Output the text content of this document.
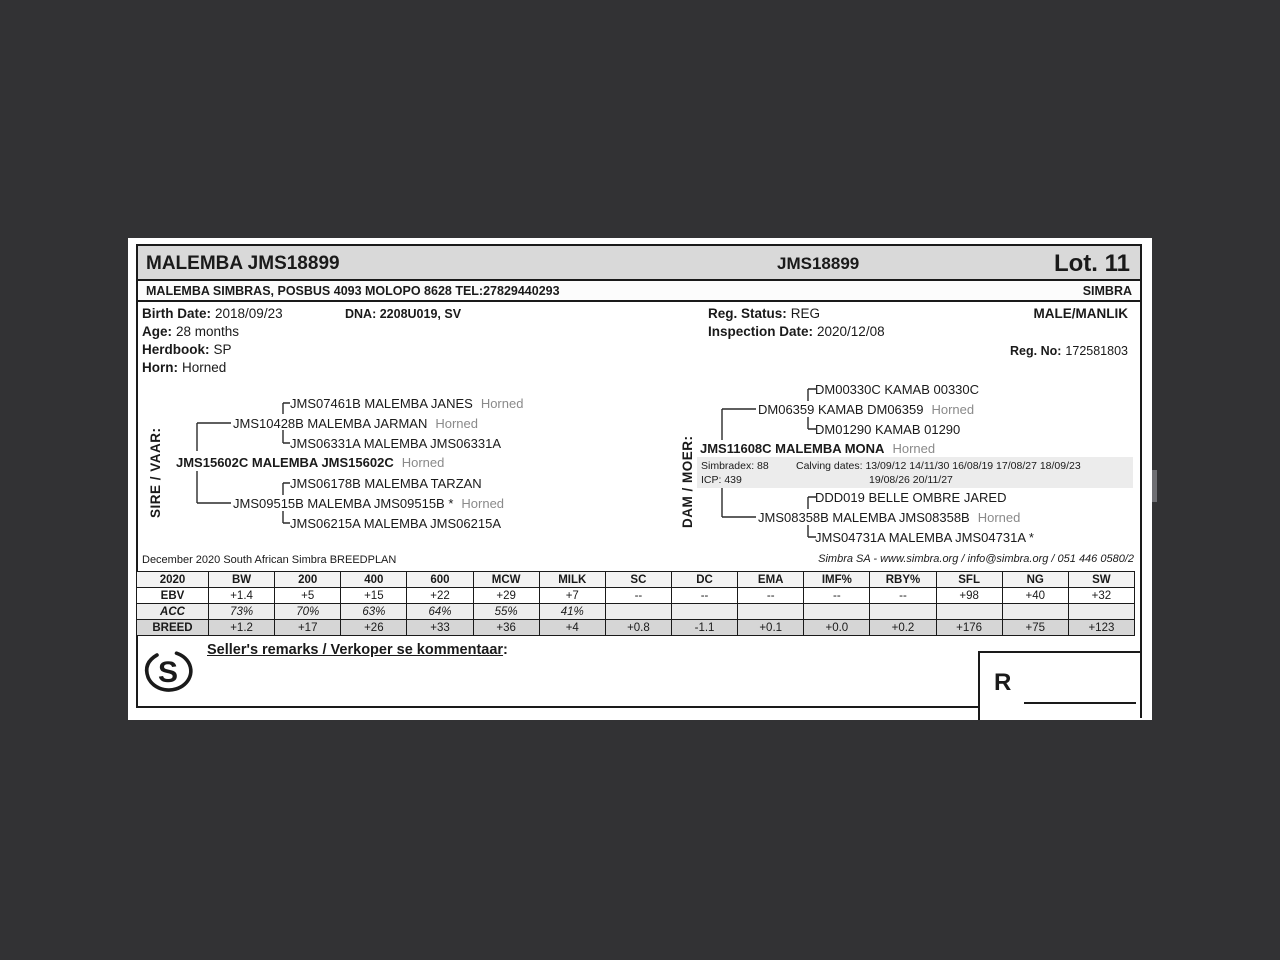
MALEMBA JMS18899	JMS18899	Lot. 11
MALEMBA SIMBRAS, POSBUS 4093 MOLOPO 8628 TEL:27829440293	SIMBRA
Birth Date: 2018/09/23	DNA: 2208U019, SV
Age: 28 months
Herdbook: SP
Horn: Horned
Reg. Status: REG
Inspection Date: 2020/12/08
MALE/MANLIK
Reg. No: 172581803
SIRE / VAAR:
JMS07461B MALEMBA JANES Horned
JMS10428B MALEMBA JARMAN Horned
JMS06331A MALEMBA JMS06331A
JMS15602C MALEMBA JMS15602C Horned
JMS06178B MALEMBA TARZAN
JMS09515B MALEMBA JMS09515B * Horned
JMS06215A MALEMBA JMS06215A	DAM / MOER:
DM00330C KAMAB 00330C
DM06359 KAMAB DM06359 Horned
DM01290 KAMAB 01290
JMS11608C MALEMBA MONA Horned
Simbradex: 88
ICP: 439
Calving dates: 13/09/12 14/11/30 16/08/19 17/08/27 18/09/23
19/08/26 20/11/27
DDD019 BELLE OMBRE JARED
JMS08358B MALEMBA JMS08358B Horned
JMS04731A MALEMBA JMS04731A *
December 2020 South African Simbra BREEDPLAN	Simbra SA - www.simbra.org / info@simbra.org / 051 446 0580/2
2020	BW	200	400	600	MCW	MILK	SC	DC	EMA	IMF%	RBY%	SFL	NG	SW
EBV	+1.4	+5	+15	+22	+29	+7	--	--	--	--	--	+98	+40	+32
ACC	73%	70%	63%	64%	55%	41%								
BREED	+1.2	+17	+26	+33	+36	+4	+0.8	-1.1	+0.1	+0.0	+0.2	+176	+75	+123
S
Seller's remarks / Verkoper se kommentaar:
R
